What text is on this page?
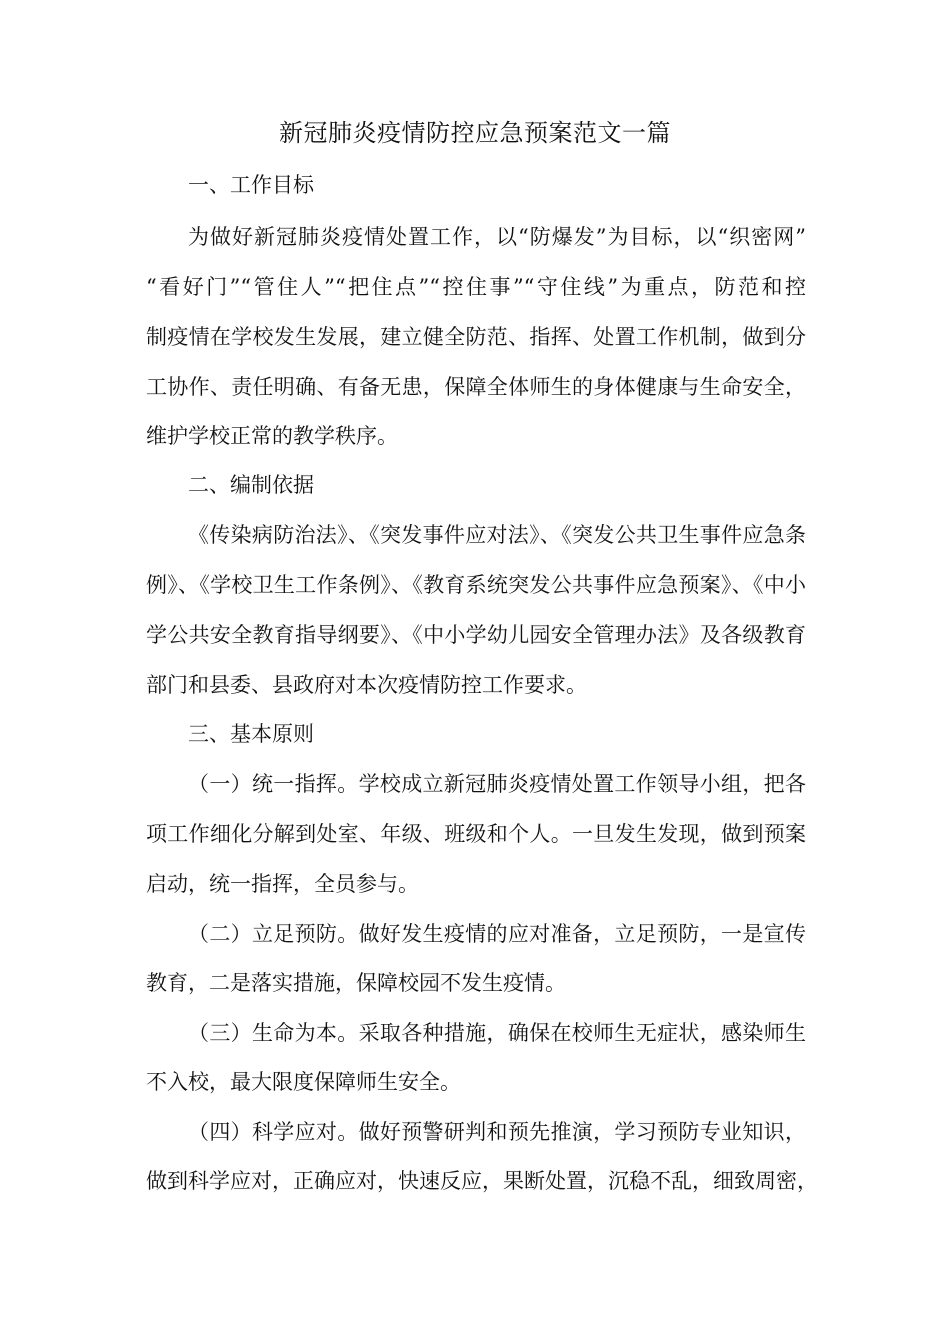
新冠肺炎疫情防控应急预案范文一篇
一、工作目标
为做好新冠肺炎疫情处置工作，以“防爆发”为目标，以“织密网”
“看好门”“管住人”“把住点”“控住事”“守住线”为重点，防范和控
制疫情在学校发生发展，建立健全防范、指挥、处置工作机制，做到分
工协作、责任明确、有备无患，保障全体师生的身体健康与生命安全，
维护学校正常的教学秩序。
二、编制依据
《传染病防治法》、《突发事件应对法》、《突发公共卫生事件应急条
例》、《学校卫生工作条例》、《教育系统突发公共事件应急预案》、《中小
学公共安全教育指导纲要》、《中小学幼儿园安全管理办法》及各级教育
部门和县委、县政府对本次疫情防控工作要求。
三、基本原则
（一）统一指挥。学校成立新冠肺炎疫情处置工作领导小组，把各
项工作细化分解到处室、年级、班级和个人。一旦发生发现，做到预案
启动，统一指挥，全员参与。
（二）立足预防。做好发生疫情的应对准备，立足预防，一是宣传
教育，二是落实措施，保障校园不发生疫情。
（三）生命为本。采取各种措施，确保在校师生无症状，感染师生
不入校，最大限度保障师生安全。
（四）科学应对。做好预警研判和预先推演，学习预防专业知识，
做到科学应对，正确应对，快速反应，果断处置，沉稳不乱，细致周密，
